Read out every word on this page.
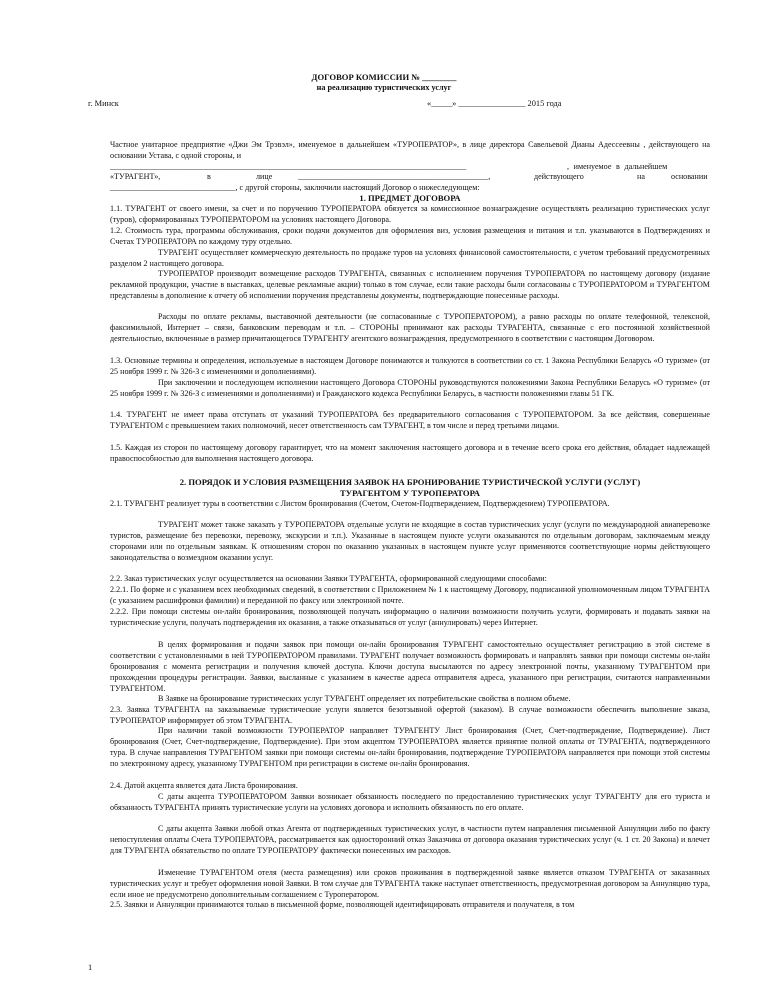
ДОГОВОР КОМИССИИ № ________
на реализацию туристических услуг
г. Минск	«_____» ________________ 2015 года

Частное унитарное предприятие «Джи Эм Трэвэл», именуемое в дальнейшем «ТУРОПЕРАТОР», в лице директора Савельевой Дианы Адессеевны , действующего на основании Устава, с одной стороны, и

________________________________________________________________________________________	, именуемое в дальнейшем
«ТУРАГЕНТ»,	в	лице	_______________________________________________,	действующего	на	основании
_______________________________, с другой стороны, заключили настоящий Договор о нижеследующем:
1. ПРЕДМЕТ ДОГОВОРА

1.1. ТУРАГЕНТ от своего имени, за счет и по поручению ТУРОПЕРАТОРА обязуется за комиссионное вознаграждение осуществлять реализацию туристических услуг (туров), сформированных ТУРОПЕРАТОРОМ на условиях настоящего Договора.

1.2. Стоимость тура, программы обслуживания, сроки подачи документов для оформления виз, условия размещения и питания и т.п. указываются в Подтверждениях и Счетах ТУРОПЕРАТОРА по каждому туру отдельно.

ТУРАГЕНТ осуществляет коммерческую деятельность по продаже туров на условиях финансовой самостоятельности, с учетом требований предусмотренных разделом 2 настоящего договора.

ТУРОПЕРАТОР производит возмещение расходов ТУРАГЕНТА, связанных с исполнением поручения ТУРОПЕРАТОРА по настоящему договору (издание рекламной продукции, участие в выставках, целевые рекламные акции) только в том случае, если такие расходы были согласованы с ТУРОПЕРАТОРОМ и ТУРАГЕНТОМ представлены в дополнение к отчету об исполнении поручения представлены документы, подтверждающие понесенные расходы.

Расходы по оплате рекламы, выставочной деятельности (не согласованные с ТУРОПЕРАТОРОМ), а равно расходы по оплате телефонной, телексной, факсимильной, Интернет – связи, банковским переводам и т.п. – СТОРОНЫ принимают как расходы ТУРАГЕНТА, связанные с его постоянной хозяйственной деятельностью, включенные в размер причитающегося ТУРАГЕНТУ агентского вознаграждения, предусмотренного в соответствии с настоящим Договором.

1.3. Основные термины и определения, используемые в настоящем Договоре понимаются и толкуются в соответствии со ст. 1 Закона Республики Беларусь «О туризме» (от 25 ноября 1999 г. № 326-З с изменениями и дополнениями).

При заключении и последующем исполнении настоящего Договора СТОРОНЫ руководствуются положениями Закона Республики Беларусь «О туризме» (от 25 ноября 1999 г. № 326-З с изменениями и дополнениями) и Гражданского кодекса Республики Беларусь, в частности положениями главы 51 ГК.

1.4. ТУРАГЕНТ не имеет права отступать от указаний ТУРОПЕРАТОРА без предварительного согласования с ТУРОПЕРАТОРОМ. За все действия, совершенные ТУРАГЕНТОМ с превышением таких полномочий, несет ответственность сам ТУРАГЕНТ, в том числе и перед третьими лицами.

1.5. Каждая из сторон по настоящему договору гарантирует, что на момент заключения настоящего договора и в течение всего срока его действия, обладает надлежащей правоспособностью для выполнения настоящего договора.

2. ПОРЯДОК И УСЛОВИЯ РАЗМЕЩЕНИЯ ЗАЯВОК НА БРОНИРОВАНИЕ ТУРИСТИЧЕСКОЙ УСЛУГИ (УСЛУГ)
ТУРАГЕНТОМ У ТУРОПЕРАТОРА

2.1. ТУРАГЕНТ реализует туры в соответствии с Листом бронирования (Счетом, Счетом-Подтверждением, Подтверждением) ТУРОПЕРАТОРА.

ТУРАГЕНТ может также заказать у ТУРОПЕРАТОРА отдельные услуги не входящие в состав туристических услуг (услуги по международной авиаперевозке туристов, размещение без перевозки, перевозку, экскурсии и т.п.). Указанные в настоящем пункте услуги оказываются по отдельным договорам, заключаемым между сторонами или по отдельным заявкам. К отношениям сторон по оказанию указанных в настоящем пункте услуг применяются соответствующие нормы действующего законодательства о возмездном оказании услуг.

2.2. Заказ туристических услуг осуществляется на основании Заявки ТУРАГЕНТА, сформированной следующими способами:

2.2.1. По форме и с указанием всех необходимых сведений, в соответствии с Приложением № 1 к настоящему Договору, подписанной уполномоченным лицом ТУРАГЕНТА (с указанием расшифровки фамилии) и переданной по факсу или электронной почте.

2.2.2. При помощи системы он-лайн бронирования, позволяющей получать информацию о наличии возможности получить услуги, формировать и подавать заявки на туристические услуги, получать подтверждения их оказания, а также отказываться от услуг (аннулировать) через Интернет.

В целях формирования и подачи заявок при помощи он-лайн бронирования ТУРАГЕНТ самостоятельно осуществляет регистрацию в этой системе в соответствии с установленными в ней ТУРОПЕРАТОРОМ правилами. ТУРАГЕНТ получает возможность формировать и направлять заявки при помощи системы он-лайн бронирования с момента регистрации и получения ключей доступа. Ключи доступа высылаются по адресу электронной почты, указанному ТУРАГЕНТОМ при прохождении процедуры регистрации. Заявки, высланные с указанием в качестве адреса отправителя адреса, указанного при регистрации, считаются направленными ТУРАГЕНТОМ.

В Заявке на бронирование туристических услуг ТУРАГЕНТ определяет их потребительские свойства в полном объеме.

2.3. Заявка ТУРАГЕНТА на заказываемые туристические услуги является безотзывной офертой (заказом). В случае возможности обеспечить выполнение заказа, ТУРОПЕРАТОР информирует об этом ТУРАГЕНТА.

При наличии такой возможности ТУРОПЕРАТОР направляет ТУРАГЕНТУ Лист бронирования (Счет, Счет-подтверждение, Подтверждение). Лист бронирования (Счет, Счет-подтверждение, Подтверждение). При этом акцептом ТУРОПЕРАТОРА является принятие полной оплаты от ТУРАГЕНТА, подтвержденного тура. В случае направления ТУРАГЕНТОМ заявки при помощи системы он-лайн бронирования, подтверждение ТУРОПЕРАТОРА направляется при помощи этой системы по электронному адресу, указанному ТУРАГЕНТОМ при регистрации в системе он-лайн бронирования.

2.4. Датой акцепта является дата Листа бронирования.

С даты акцепта ТУРОПЕРАТОРОМ Заявки возникает обязанность последнего по предоставлению туристических услуг ТУРАГЕНТУ для его туриста и обязанность ТУРАГЕНТА принять туристические услуги на условиях договора и исполнить обязанность по его оплате.

С даты акцепта Заявки любой отказ Агента от подтвержденных туристических услуг, в частности путем направления письменной Аннуляции либо по факту непоступления оплаты Счета ТУРОПЕРАТОРА, рассматривается как односторонний отказ Заказчика от договора оказания туристических услуг (ч. 1 ст. 20 Закона) и влечет для ТУРАГЕНТА обязательство по оплате ТУРОПЕРАТОРУ фактически понесенных им расходов.

Изменение ТУРАГЕНТОМ отеля (места размещения) или сроков проживания в подтвержденной заявке является отказом ТУРАГЕНТА от заказанных туристических услуг и требует оформления новой Заявки. В том случае для ТУРАГЕНТА также наступает ответственность, предусмотренная договором за Аннуляцию тура, если иное не предусмотрено дополнительным соглашением с Туроператором.

2.5. Заявки и Аннуляции принимаются только в письменной форме, позволяющей идентифицировать отправителя и получателя, в том

1
